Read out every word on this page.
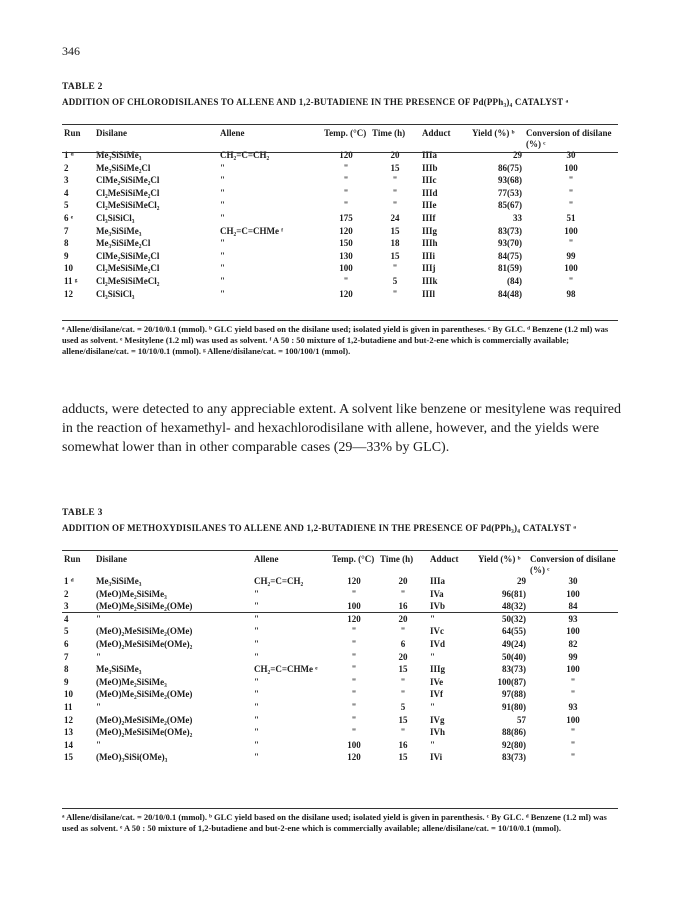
346
TABLE 2
ADDITION OF CHLORODISILANES TO ALLENE AND 1,2-BUTADIENE IN THE PRESENCE OF Pd(PPh₃)₄ CATALYST ᵃ
Run	Disilane	Allene	Temp. (°C)	Time (h)	Adduct	Yield (%) ᵇ	Conversion of disilane (%) ᶜ
1 ᵈ	Me₃SiSiMe₃	CH₂=C=CH₂	120	20	IIIa	29	30
2	Me₃SiSiMe₂Cl	"	"	15	IIIb	86(75)	100
3	ClMe₂SiSiMe₂Cl	"	"	"	IIIc	93(68)	"
4	Cl₂MeSiSiMe₂Cl	"	"	"	IIId	77(53)	"
5	Cl₂MeSiSiMeCl₂	"	"	"	IIIe	85(67)	"
6 ᵉ	Cl₃SiSiCl₃	"	175	24	IIIf	33	51
7	Me₃SiSiMe₃	CH₂=C=CHMe ᶠ	120	15	IIIg	83(73)	100
8	Me₃SiSiMe₂Cl	"	150	18	IIIh	93(70)	"
9	ClMe₂SiSiMe₂Cl	"	130	15	IIIi	84(75)	99
10	Cl₂MeSiSiMe₂Cl	"	100	"	IIIj	81(59)	100
11 ᵍ	Cl₂MeSiSiMeCl₂	"	"	5	IIIk	(84)	"
12	Cl₃SiSiCl₃	"	120	"	IIIl	84(48)	98
ᵃ Allene/disilane/cat. = 20/10/0.1 (mmol). ᵇ GLC yield based on the disilane used; isolated yield is given in parentheses. ᶜ By GLC. ᵈ Benzene (1.2 ml) was used as solvent. ᵉ Mesitylene (1.2 ml) was used as solvent. ᶠ A 50 : 50 mixture of 1,2-butadiene and but-2-ene which is commercially available; allene/disilane/cat. = 10/10/0.1 (mmol). ᵍ Allene/disilane/cat. = 100/100/1 (mmol).
adducts, were detected to any appreciable extent. A solvent like benzene or mesitylene was required in the reaction of hexamethyl- and hexachlorodisilane with allene, however, and the yields were somewhat lower than in other comparable cases (29—33% by GLC).
TABLE 3
ADDITION OF METHOXYDISILANES TO ALLENE AND 1,2-BUTADIENE IN THE PRESENCE OF Pd(PPh₃)₄ CATALYST ᵃ
Run	Disilane	Allene	Temp. (°C)	Time (h)	Adduct	Yield (%) ᵇ	Conversion of disilane (%) ᶜ
1 ᵈ	Me₃SiSiMe₃	CH₂=C=CH₂	120	20	IIIa	29	30
2	(MeO)Me₂SiSiMe₃	"	"	"	IVa	96(81)	100
3	(MeO)Me₂SiSiMe₂(OMe)	"	100	16	IVb	48(32)	84
4	"	"	120	20	"	50(32)	93
5	(MeO)₂MeSiSiMe₂(OMe)	"	"	"	IVc	64(55)	100
6	(MeO)₂MeSiSiMe(OMe)₂	"	"	6	IVd	49(24)	82
7	"	"	"	20	"	50(40)	99
8	Me₃SiSiMe₃	CH₂=C=CHMe ᵉ	"	15	IIIg	83(73)	100
9	(MeO)Me₂SiSiMe₃	"	"	"	IVe	100(87)	"
10	(MeO)Me₂SiSiMe₂(OMe)	"	"	"	IVf	97(88)	"
11	"	"	"	5	"	91(80)	93
12	(MeO)₂MeSiSiMe₂(OMe)	"	"	15	IVg	57	100
13	(MeO)₂MeSiSiMe(OMe)₂	"	"	"	IVh	88(86)	"
14	"	"	100	16	"	92(80)	"
15	(MeO)₃SiSi(OMe)₃	"	120	15	IVi	83(73)	"
ᵃ Allene/disilane/cat. = 20/10/0.1 (mmol). ᵇ GLC yield based on the disilane used; isolated yield is given in parenthesis. ᶜ By GLC. ᵈ Benzene (1.2 ml) was used as solvent. ᵉ A 50 : 50 mixture of 1,2-butadiene and but-2-ene which is commercially available; allene/disilane/cat. = 10/10/0.1 (mmol).
